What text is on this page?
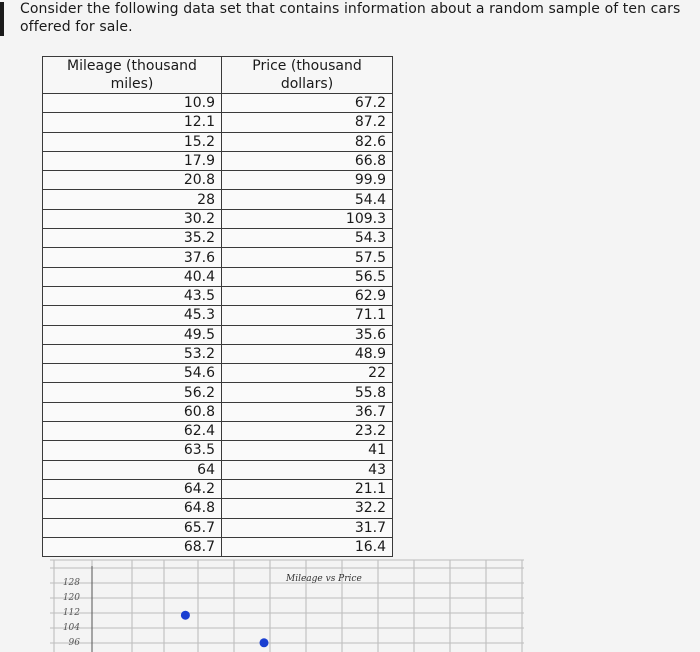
Consider the following data set that contains information about a random sample of ten cars offered for sale.
Mileage (thousand miles)	Price (thousand dollars)
10.9	67.2
12.1	87.2
15.2	82.6
17.9	66.8
20.8	99.9
28	54.4
30.2	109.3
35.2	54.3
37.6	57.5
40.4	56.5
43.5	62.9
45.3	71.1
49.5	35.6
53.2	48.9
54.6	22
56.2	55.8
60.8	36.7
62.4	23.2
63.5	41
64	43
64.2	21.1
64.8	32.2
65.7	31.7
68.7	16.4
Mileage vs Price
128
120
112
104
96
